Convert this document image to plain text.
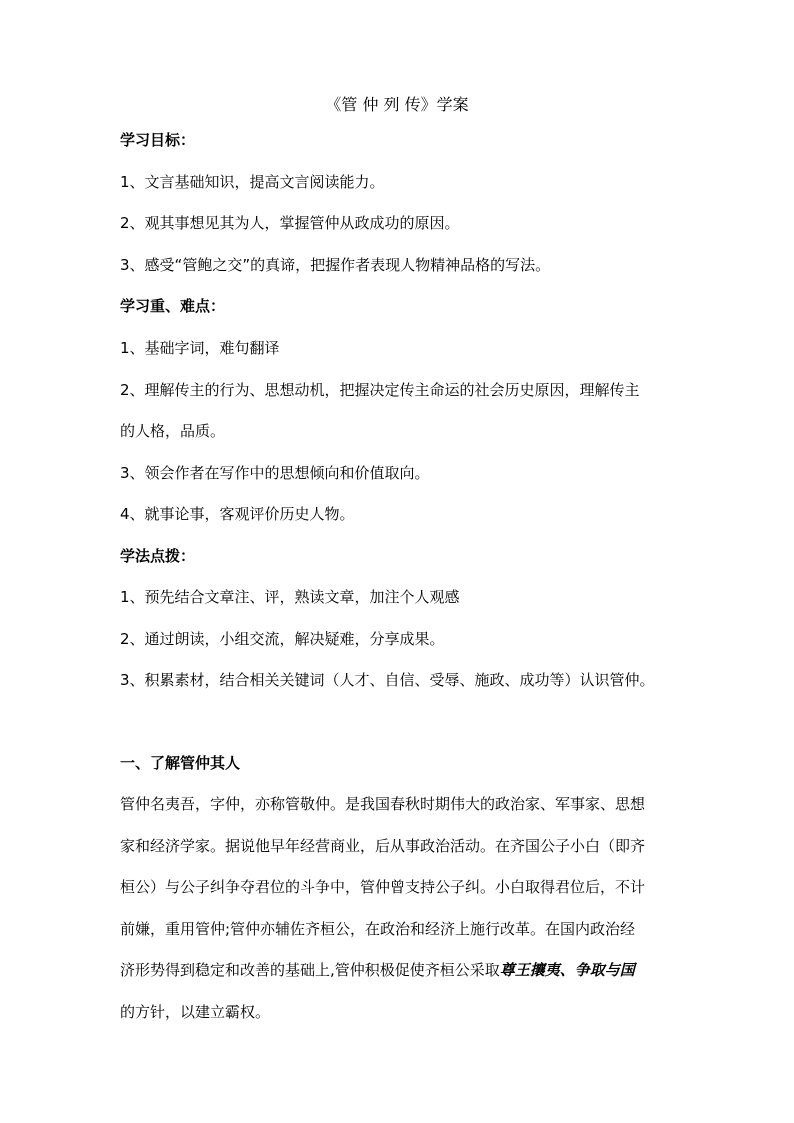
《管 仲 列 传》学案
学习目标：
1、文言基础知识，提高文言阅读能力。
2、观其事想见其为人，掌握管仲从政成功的原因。
3、感受“管鲍之交”的真谛，把握作者表现人物精神品格的写法。
学习重、难点：
1、基础字词，难句翻译
2、理解传主的行为、思想动机，把握决定传主命运的社会历史原因，理解传主
的人格，品质。
3、领会作者在写作中的思想倾向和价值取向。
4、就事论事，客观评价历史人物。
学法点拨：
1、预先结合文章注、评，熟读文章，加注个人观感
2、通过朗读，小组交流，解决疑难，分享成果。
3、积累素材，结合相关关键词（人才、自信、受辱、施政、成功等）认识管仲。
一、了解管仲其人
管仲名夷吾，字仲，亦称管敬仲。是我国春秋时期伟大的政治家、军事家、思想
家和经济学家。据说他早年经营商业，后从事政治活动。在齐国公子小白（即齐
桓公）与公子纠争夺君位的斗争中，管仲曾支持公子纠。小白取得君位后，不计
前嫌，重用管仲;管仲亦辅佐齐桓公，在政治和经济上施行改革。在国内政治经
济形势得到稳定和改善的基础上,管仲积极促使齐桓公采取尊王攘夷、争取与国
的方针，以建立霸权。
